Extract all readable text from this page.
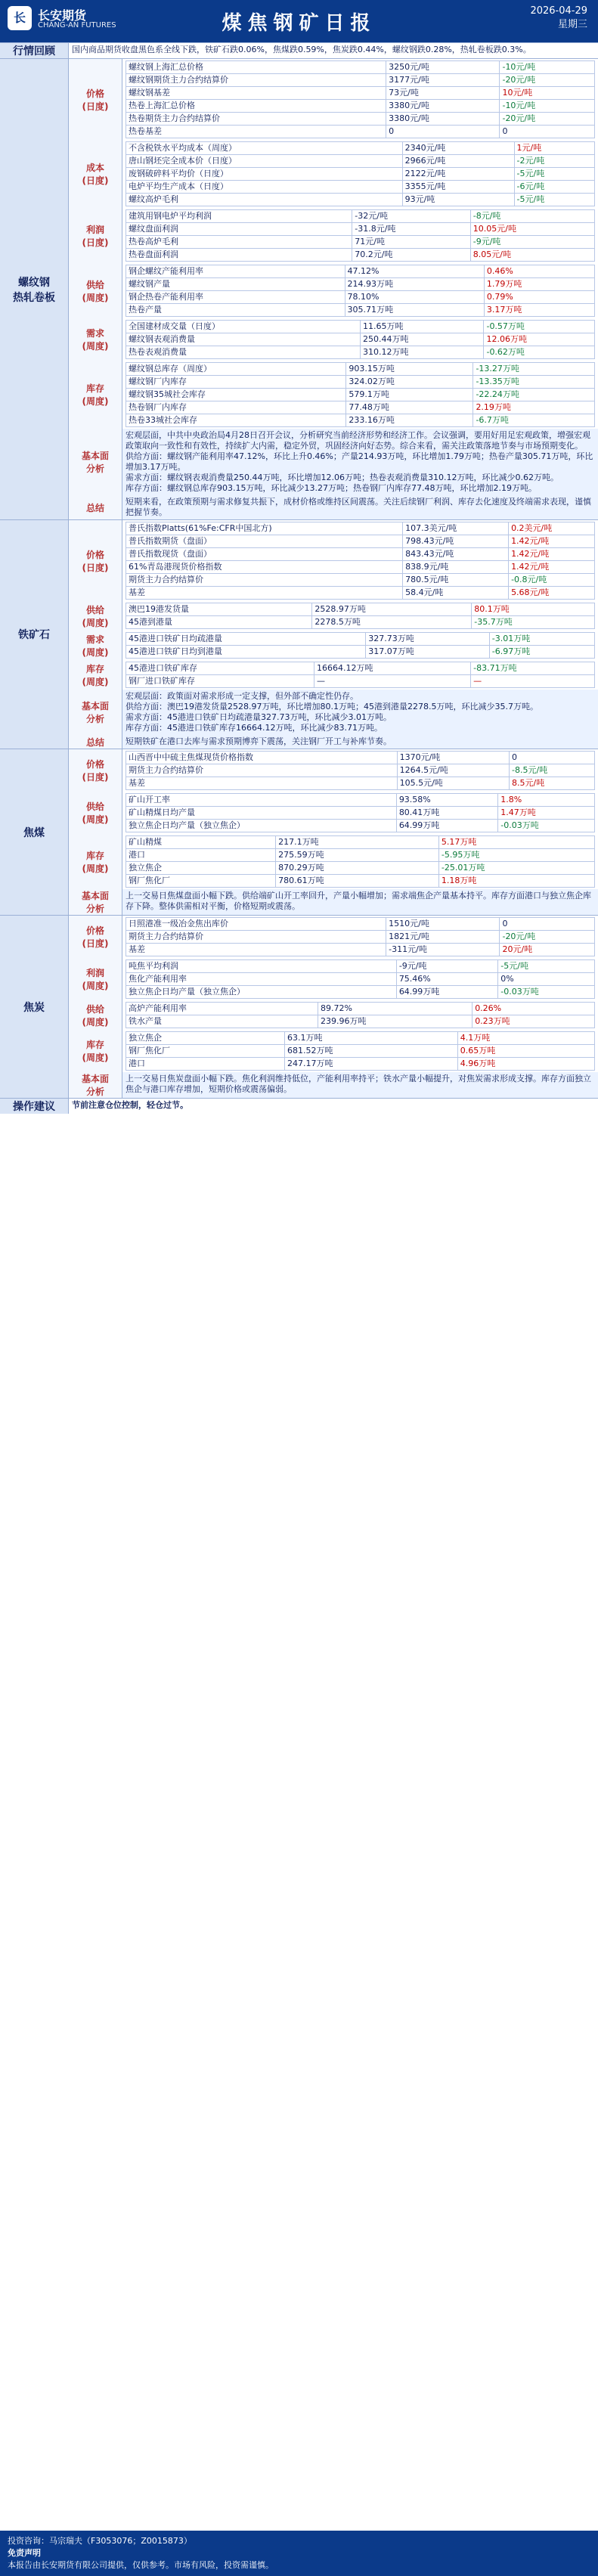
长	长安期货
CHANG-AN FUTURES	煤焦钢矿日报
2026-04-29
星期三
行情回顾	国内商品期货收盘黑色系全线下跌，铁矿石跌0.06%，焦煤跌0.59%，焦炭跌0.44%，螺纹钢跌0.28%，热轧卷板跌0.3%。
螺纹钢
热轧卷板
价格
(日度)
螺纹钢上海汇总价格	3250元/吨	-10元/吨
螺纹钢期货主力合约结算价	3177元/吨	-20元/吨
螺纹钢基差	73元/吨	10元/吨
热卷上海汇总价格	3380元/吨	-10元/吨
热卷期货主力合约结算价	3380元/吨	-20元/吨
热卷基差	0	0
成本
(日度)
不含税铁水平均成本（周度）	2340元/吨	1元/吨
唐山钢坯完全成本价（日度）	2966元/吨	-2元/吨
废钢破碎料平均价（日度）	2122元/吨	-5元/吨
电炉平均生产成本（日度）	3355元/吨	-6元/吨
螺纹高炉毛利	93元/吨	-5元/吨
利润
(日度)
建筑用钢电炉平均利润	-32元/吨	-8元/吨
螺纹盘面利润	-31.8元/吨	10.05元/吨
热卷高炉毛利	71元/吨	-9元/吨
热卷盘面利润	70.2元/吨	8.05元/吨
供给
(周度)
钢企螺纹产能利用率	47.12%	0.46%
螺纹钢产量	214.93万吨	1.79万吨
钢企热卷产能利用率	78.10%	0.79%
热卷产量	305.71万吨	3.17万吨
需求
(周度)
全国建材成交量（日度）	11.65万吨	-0.57万吨
螺纹钢表观消费量	250.44万吨	12.06万吨
热卷表观消费量	310.12万吨	-0.62万吨
库存
(周度)
螺纹钢总库存（周度）	903.15万吨	-13.27万吨
螺纹钢厂内库存	324.02万吨	-13.35万吨
螺纹钢35城社会库存	579.1万吨	-22.24万吨
热卷钢厂内库存	77.48万吨	2.19万吨
热卷33城社会库存	233.16万吨	-6.7万吨
基本面
分析
宏观层面，中共中央政治局4月28日召开会议，分析研究当前经济形势和经济工作。会议强调，要用好用足宏观政策，增强宏观政策取向一致性和有效性，持续扩大内需，稳定外贸，巩固经济向好态势。综合来看，需关注政策落地节奏与市场预期变化。
供给方面：螺纹钢产能利用率47.12%，环比上升0.46%；产量214.93万吨，环比增加1.79万吨；热卷产量305.71万吨，环比增加3.17万吨。
需求方面：螺纹钢表观消费量250.44万吨，环比增加12.06万吨；热卷表观消费量310.12万吨，环比减少0.62万吨。
库存方面：螺纹钢总库存903.15万吨，环比减少13.27万吨；热卷钢厂内库存77.48万吨，环比增加2.19万吨。
总结
短期来看，在政策预期与需求修复共振下，成材价格或维持区间震荡。关注后续钢厂利润、库存去化速度及终端需求表现，谨慎把握节奏。
铁矿石
价格
(日度)
普氏指数Platts(61%Fe:CFR中国北方)	107.3美元/吨	0.2美元/吨
普氏指数期货（盘面）	798.43元/吨	1.42元/吨
普氏指数现货（盘面）	843.43元/吨	1.42元/吨
61%青岛港现货价格指数	838.9元/吨	1.42元/吨
期货主力合约结算价	780.5元/吨	-0.8元/吨
基差	58.4元/吨	5.68元/吨
供给
(周度)
澳巴19港发货量	2528.97万吨	80.1万吨
45港到港量	2278.5万吨	-35.7万吨
需求
(周度)
45港进口铁矿日均疏港量	327.73万吨	-3.01万吨
45港进口铁矿日均到港量	317.07万吨	-6.97万吨
库存
(周度)
45港进口铁矿库存	16664.12万吨	-83.71万吨
钢厂进口铁矿库存	—	—
基本面
分析
宏观层面：政策面对需求形成一定支撑，但外部不确定性仍存。
供给方面：澳巴19港发货量2528.97万吨，环比增加80.1万吨；45港到港量2278.5万吨，环比减少35.7万吨。
需求方面：45港进口铁矿日均疏港量327.73万吨，环比减少3.01万吨。
库存方面：45港进口铁矿库存16664.12万吨，环比减少83.71万吨。
总结	短期铁矿在港口去库与需求预期博弈下震荡，关注钢厂开工与补库节奏。
焦煤
价格
(日度)
山西晋中中硫主焦煤现货价格指数	1370元/吨	0
期货主力合约结算价	1264.5元/吨	-8.5元/吨
基差	105.5元/吨	8.5元/吨
供给
(周度)
矿山开工率	93.58%	1.8%
矿山精煤日均产量	80.41万吨	1.47万吨
独立焦企日均产量（独立焦企）	64.99万吨	-0.03万吨
库存
(周度)
矿山精煤	217.1万吨	5.17万吨
港口	275.59万吨	-5.95万吨
独立焦企	870.29万吨	-25.01万吨
钢厂焦化厂	780.61万吨	1.18万吨
基本面
分析
上一交易日焦煤盘面小幅下跌。供给端矿山开工率回升，产量小幅增加；需求端焦企产量基本持平。库存方面港口与独立焦企库存下降。整体供需相对平衡，价格短期或震荡。
焦炭
价格
(日度)
日照港准一级冶金焦出库价	1510元/吨	0
期货主力合约结算价	1821元/吨	-20元/吨
基差	-311元/吨	20元/吨
利润
(周度)
吨焦平均利润	-9元/吨	-5元/吨
焦化产能利用率	75.46%	0%
独立焦企日均产量（独立焦企）	64.99万吨	-0.03万吨
供给
(周度)
高炉产能利用率	89.72%	0.26%
铁水产量	239.96万吨	0.23万吨
库存
(周度)
独立焦企	63.1万吨	4.1万吨
钢厂焦化厂	681.52万吨	0.65万吨
港口	247.17万吨	4.96万吨
基本面
分析
上一交易日焦炭盘面小幅下跌。焦化利润维持低位，产能利用率持平；铁水产量小幅提升，对焦炭需求形成支撑。库存方面独立焦企与港口库存增加，短期价格或震荡偏弱。
操作建议	节前注意仓位控制，轻仓过节。
投资咨询：马宗瑞夫（F3053076；Z0015873）
免责声明
本报告由长安期货有限公司提供，仅供参考。市场有风险，投资需谨慎。
